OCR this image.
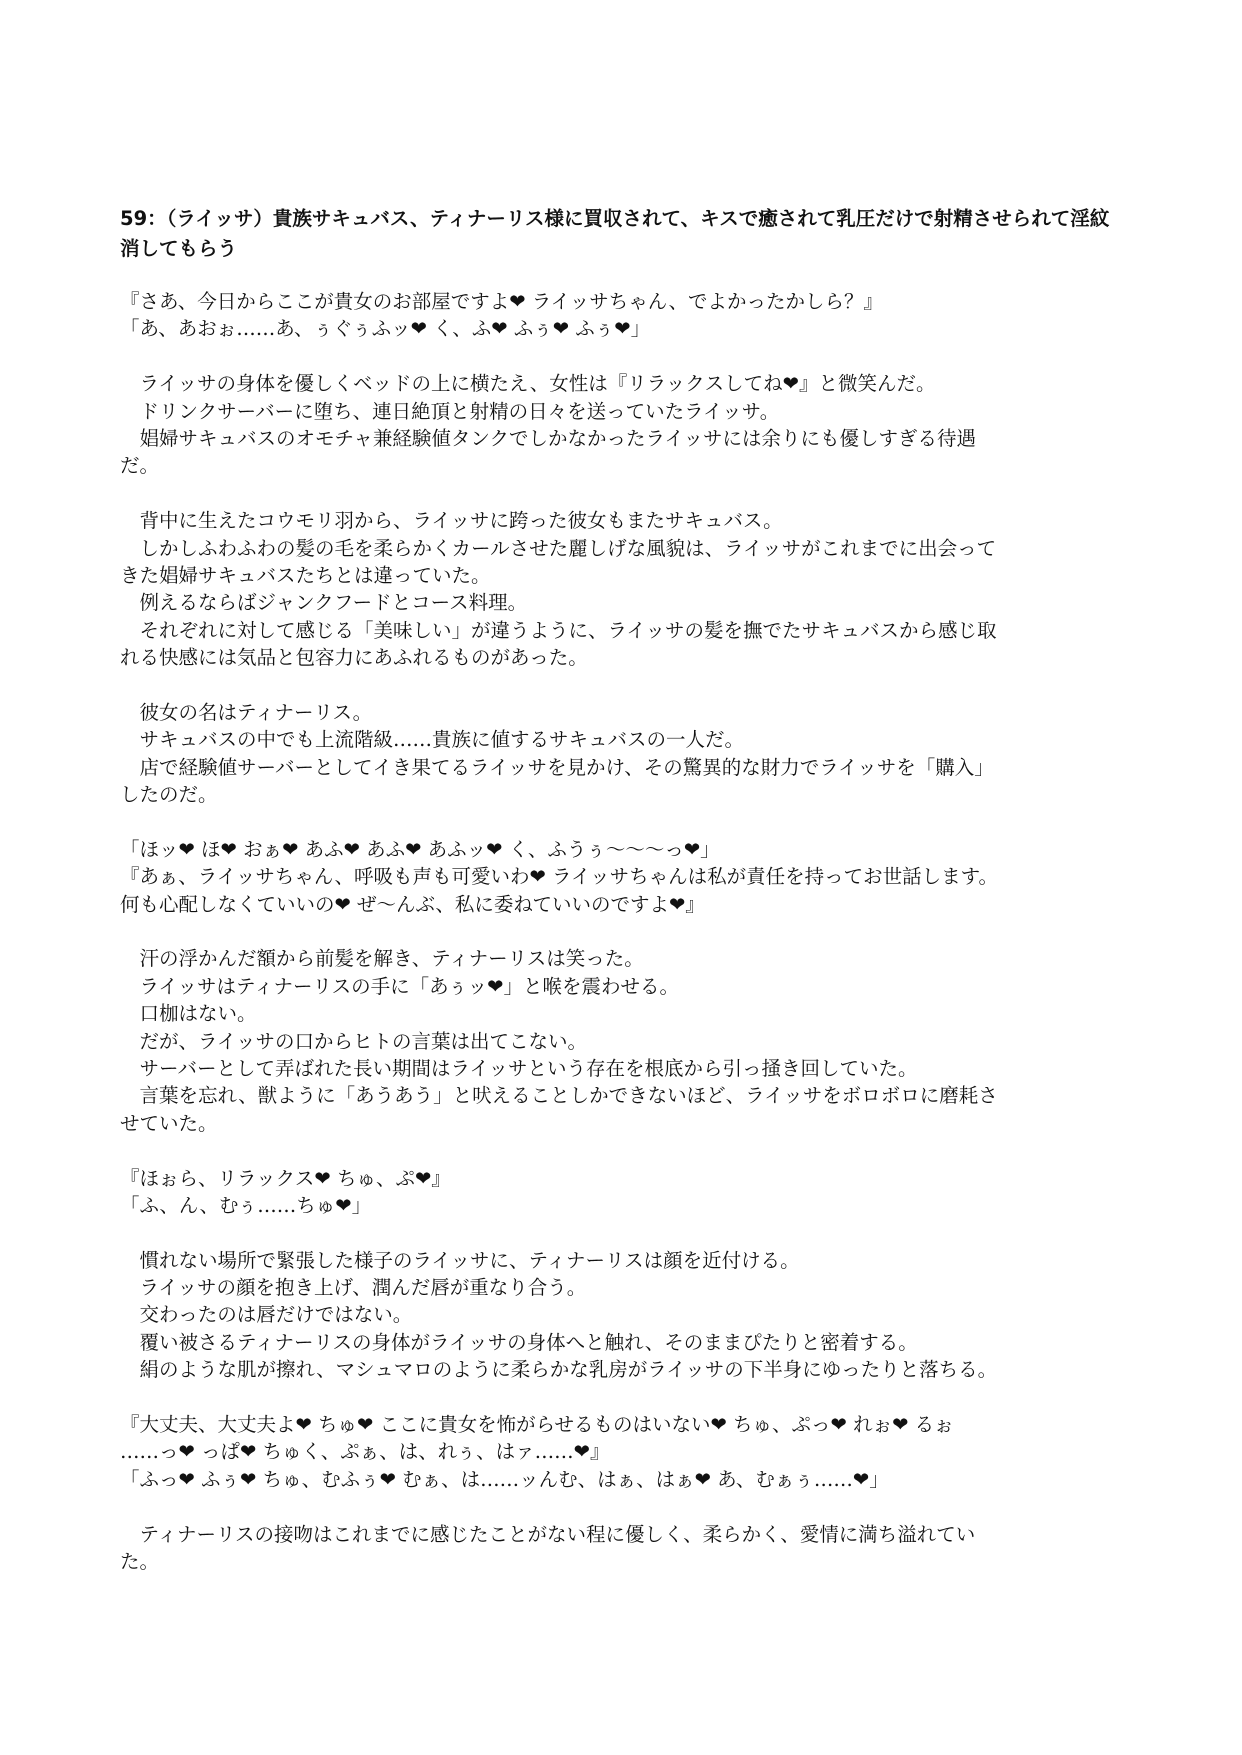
59：（ライッサ）貴族サキュバス、ティナーリス様に買収されて、キスで癒されて乳圧だけで射精させられて淫紋消してもらう
『さあ、今日からここが貴女のお部屋ですよ❤ ライッサちゃん、でよかったかしら？』
「あ、あおぉ‥‥‥あ、ぅぐぅふッ❤ く、ふ❤ ふぅ❤ ふぅ❤」
　ライッサの身体を優しくベッドの上に横たえ、女性は『リラックスしてね❤』と微笑んだ。
　ドリンクサーバーに堕ち、連日絶頂と射精の日々を送っていたライッサ。
　娼婦サキュバスのオモチャ兼経験値タンクでしかなかったライッサには余りにも優しすぎる待遇
だ。
　背中に生えたコウモリ羽から、ライッサに跨った彼女もまたサキュバス。
　しかしふわふわの髪の毛を柔らかくカールさせた麗しげな風貌は、ライッサがこれまでに出会って
きた娼婦サキュバスたちとは違っていた。
　例えるならばジャンクフードとコース料理。
　それぞれに対して感じる「美味しい」が違うように、ライッサの髪を撫でたサキュバスから感じ取
れる快感には気品と包容力にあふれるものがあった。
　彼女の名はティナーリス。
　サキュバスの中でも上流階級‥‥‥貴族に値するサキュバスの一人だ。
　店で経験値サーバーとしてイき果てるライッサを見かけ、その驚異的な財力でライッサを「購入」
したのだ。
「ほッ❤ ほ❤ おぁ❤ あふ❤ あふ❤ あふッ❤ く、ふうぅ～～～っ❤」
『あぁ、ライッサちゃん、呼吸も声も可愛いわ❤ ライッサちゃんは私が責任を持ってお世話します。
何も心配しなくていいの❤ ぜ～んぶ、私に委ねていいのですよ❤』
　汗の浮かんだ額から前髪を解き、ティナーリスは笑った。
　ライッサはティナーリスの手に「あぅッ❤」と喉を震わせる。
　口枷はない。
　だが、ライッサの口からヒトの言葉は出てこない。
　サーバーとして弄ばれた長い期間はライッサという存在を根底から引っ掻き回していた。
　言葉を忘れ、獣ように「あうあう」と吠えることしかできないほど、ライッサをボロボロに磨耗さ
せていた。
『ほぉら、リラックス❤ ちゅ、ぷ❤』
「ふ、ん、むぅ‥‥‥ちゅ❤」
　慣れない場所で緊張した様子のライッサに、ティナーリスは顔を近付ける。
　ライッサの顔を抱き上げ、潤んだ唇が重なり合う。
　交わったのは唇だけではない。
　覆い被さるティナーリスの身体がライッサの身体へと触れ、そのままぴたりと密着する。
　絹のような肌が擦れ、マシュマロのように柔らかな乳房がライッサの下半身にゆったりと落ちる。
『大丈夫、大丈夫よ❤ ちゅ❤ ここに貴女を怖がらせるものはいない❤ ちゅ、ぷっ❤ れぉ❤ るぉ
‥‥‥っ❤ っぱ❤ ちゅく、ぷぁ、は、れぅ、はァ‥‥‥❤』
「ふっ❤ ふぅ❤ ちゅ、むふぅ❤ むぁ、は‥‥‥ッんむ、はぁ、はぁ❤ あ、むぁぅ‥‥‥❤」
　ティナーリスの接吻はこれまでに感じたことがない程に優しく、柔らかく、愛情に満ち溢れてい
た。
